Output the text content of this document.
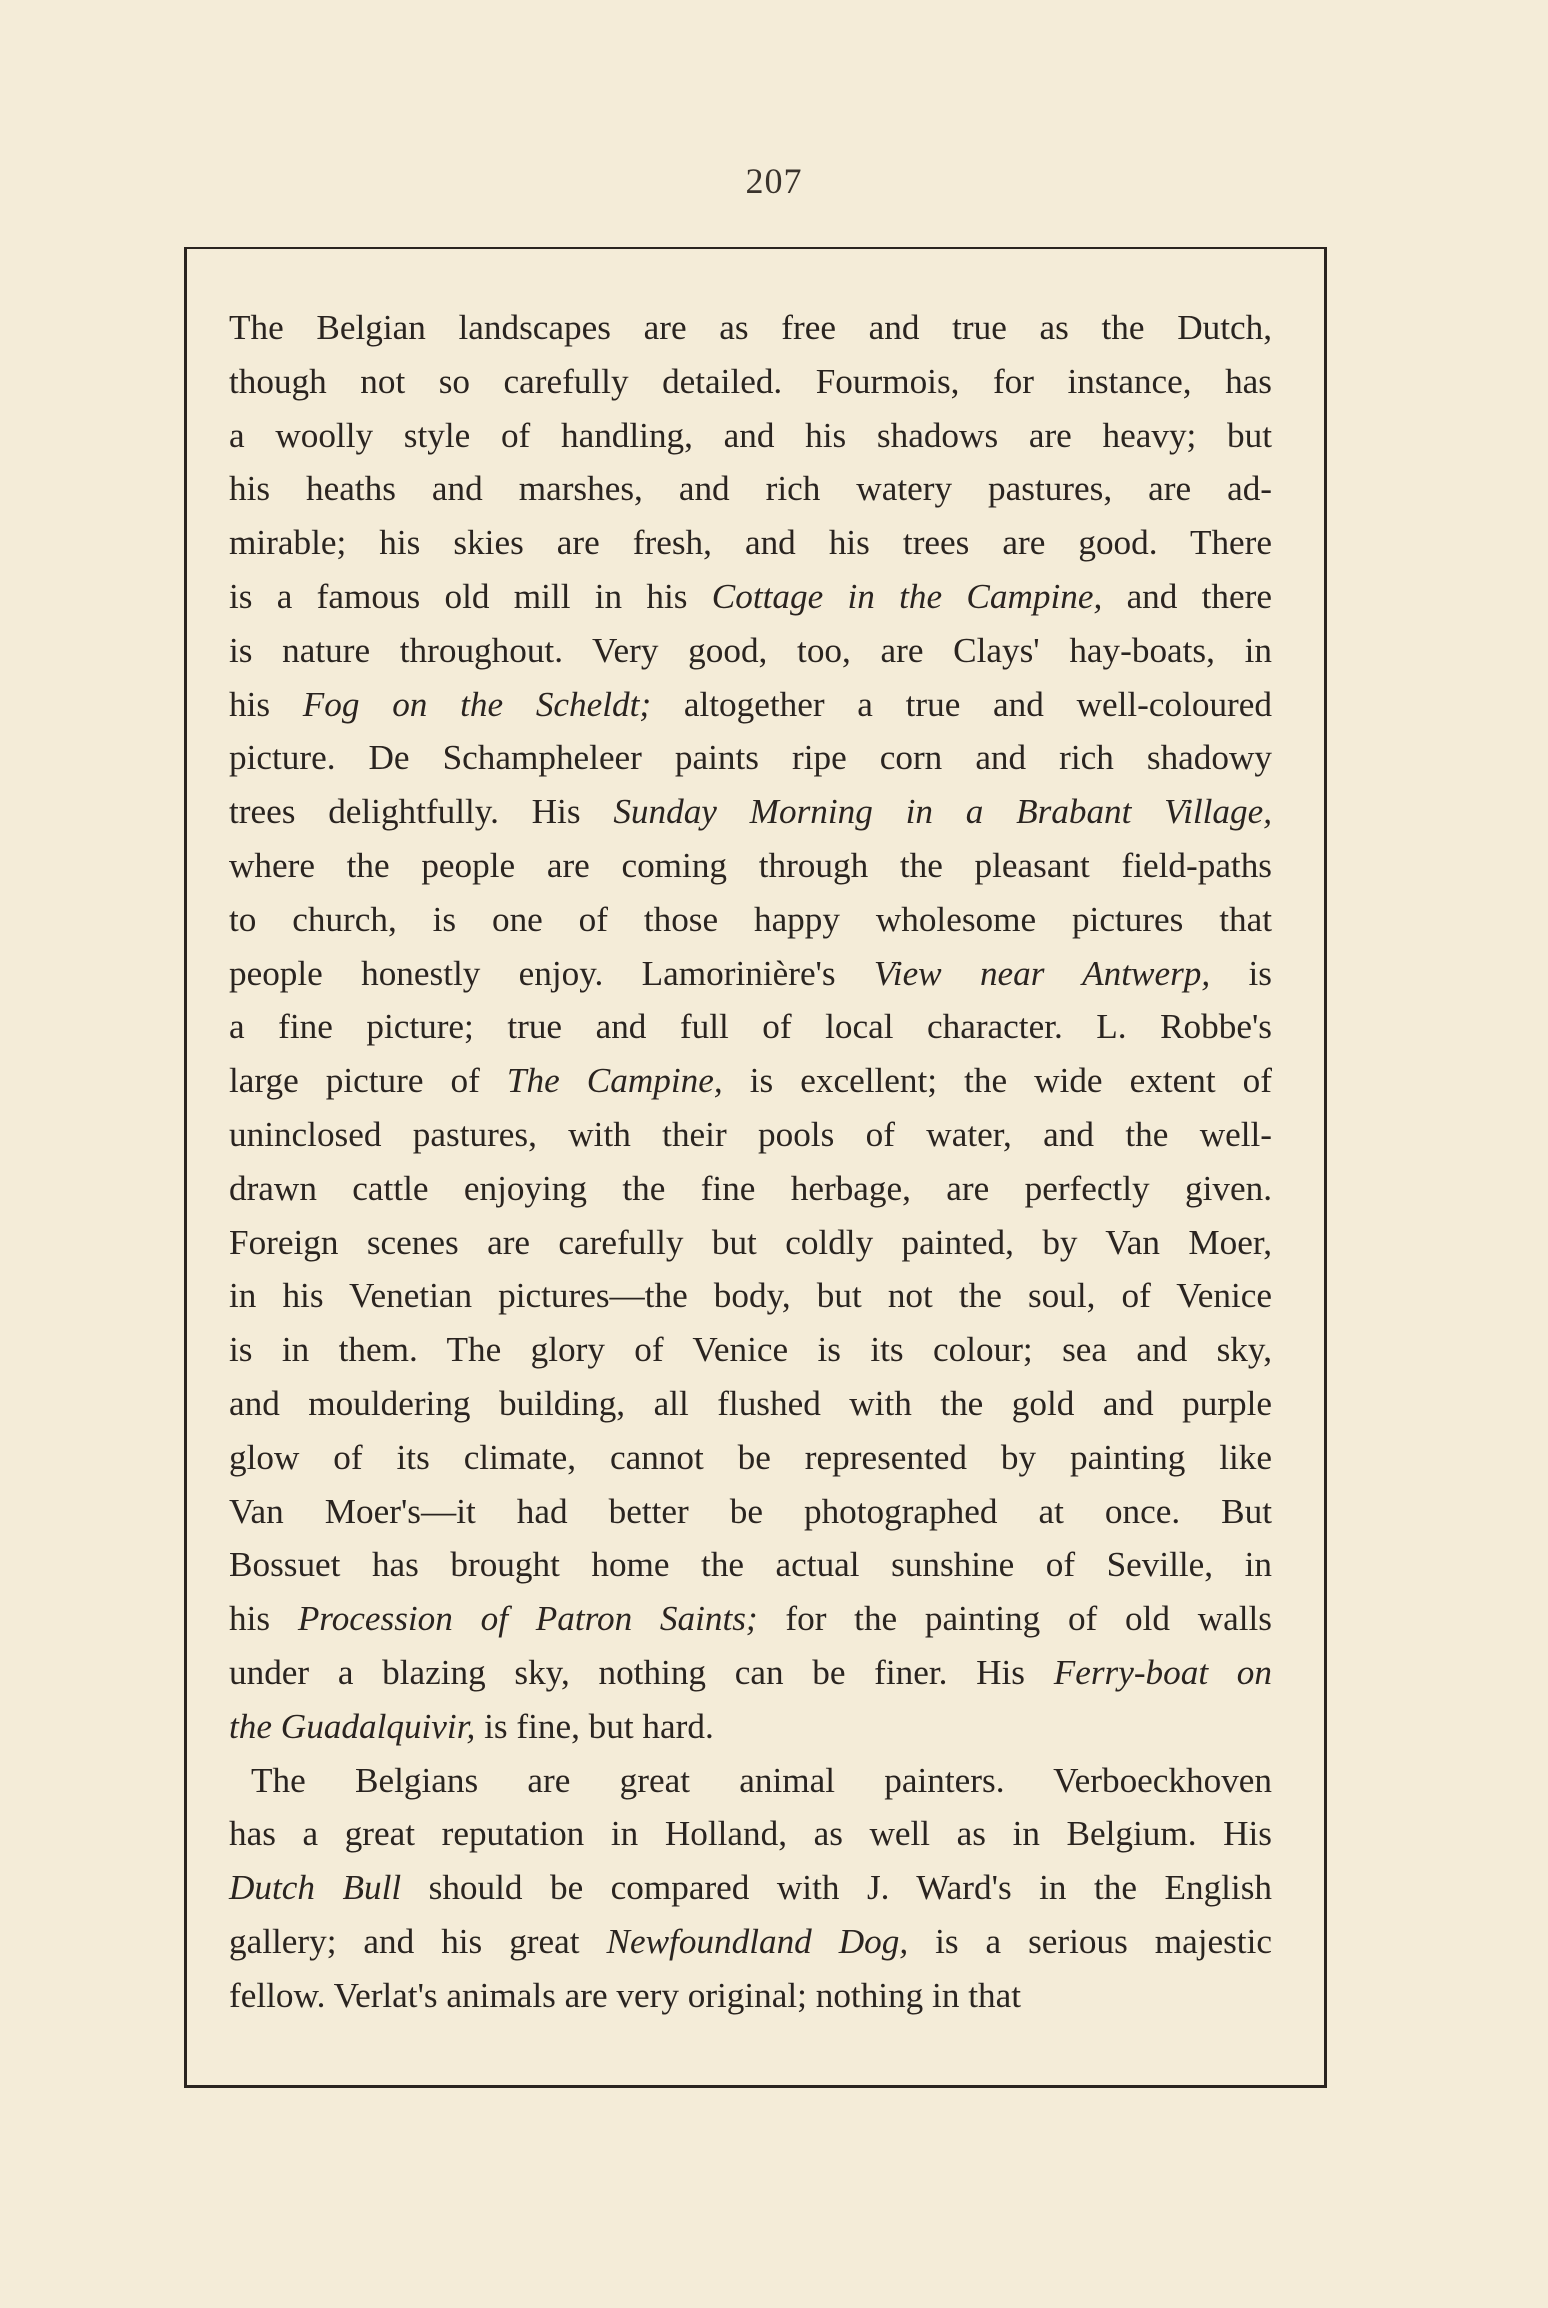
207
The Belgian landscapes are as free and true as the Dutch,
though not so carefully detailed. Fourmois, for instance, has
a woolly style of handling, and his shadows are heavy; but
his heaths and marshes, and rich watery pastures, are ad-
mirable; his skies are fresh, and his trees are good. There
is a famous old mill in his Cottage in the Campine, and there
is nature throughout. Very good, too, are Clays' hay-boats, in
his Fog on the Scheldt; altogether a true and well-coloured
picture. De Schampheleer paints ripe corn and rich shadowy
trees delightfully. His Sunday Morning in a Brabant Village,
where the people are coming through the pleasant field-paths
to church, is one of those happy wholesome pictures that
people honestly enjoy. Lamorinière's View near Antwerp, is
a fine picture; true and full of local character. L. Robbe's
large picture of The Campine, is excellent; the wide extent of
uninclosed pastures, with their pools of water, and the well-
drawn cattle enjoying the fine herbage, are perfectly given.
Foreign scenes are carefully but coldly painted, by Van Moer,
in his Venetian pictures—the body, but not the soul, of Venice
is in them. The glory of Venice is its colour; sea and sky,
and mouldering building, all flushed with the gold and purple
glow of its climate, cannot be represented by painting like
Van Moer's—it had better be photographed at once. But
Bossuet has brought home the actual sunshine of Seville, in
his Procession of Patron Saints; for the painting of old walls
under a blazing sky, nothing can be finer. His Ferry-boat on
the Guadalquivir, is fine, but hard.
The Belgians are great animal painters. Verboeckhoven
has a great reputation in Holland, as well as in Belgium. His
Dutch Bull should be compared with J. Ward's in the English
gallery; and his great Newfoundland Dog, is a serious majestic
fellow. Verlat's animals are very original; nothing in that
